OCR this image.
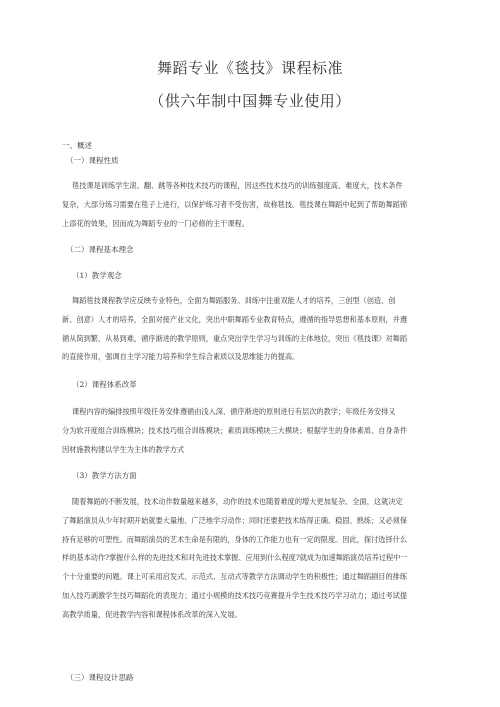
舞蹈专业《毯技》课程标准
（供六年制中国舞专业使用）
一、概述
（一）课程性质
毯技课是训练学生滚、翻、跳等各种技术技巧的课程，因这些技术技巧的训练强度高、难度大，技术条件
复杂，大部分练习需要在毯子上进行，以保护练习者不受伤害，故称毯技。毯技课在舞蹈中起到了帮助舞蹈锦
上添花的效果，因而成为舞蹈专业的一门必修的主干课程。
（二）课程基本理念
（1）教学观念
舞蹈毯技课程教学应反映专业特色，全面为舞蹈服务。训练中注重双能人才的培养，三创型（创造、创
新、创意）人才的培养，全面对接产业文化，突出中职舞蹈专业教育特点，遵循的指导思想和基本原则，并遵
循从简到繁，从易到难，循序渐进的教学原则，重点突出学生学习与训练的主体地位，突出《毯技课》对舞蹈
的直接作用，强调自主学习能力培养和学生综合素质以及思维能力的提高。
（2）课程体系改革
课程内容的编排按照年级任务安排遵循由浅入深、循序渐进的原则进行有层次的教学；年级任务安排又
分为软开度组合训练模块；技术技巧组合训练模块；素质训练模块三大模块；根据学生的身体素质、自身条件
因材施教构建以学生为主体的教学方式
（3）教学方法方面
随着舞蹈的不断发展，技术动作数量越来越多，动作的技术也随着难度的增大更加复杂、全面，这就决定
了舞蹈演员从少年时期开始就要大量地、广泛地学习动作；同时还要把技术练得正确、稳固、熟练；又必须保
持有足够的可塑性。而舞蹈演员的艺术生命是有限的，身体的工作能力也有一定的限度。因此，探讨选择什么
样的基本动作?掌握什么样的先进技术和对先进技术掌握、应用到什么程度?就成为加速舞蹈演员培养过程中一
个十分重要的问题。课上可采用启发式、示范式、互动式等教学方法调动学生的积极性；通过舞蹈剧目的排练
加入技巧剥激学生技巧舞蹈化的表现力；通过小规模的技术技巧竞赛提升学生技术技巧学习动力；通过考试提
高教学质量，促进教学内容和课程体系改革的深入发展。
（三）课程设计思路
